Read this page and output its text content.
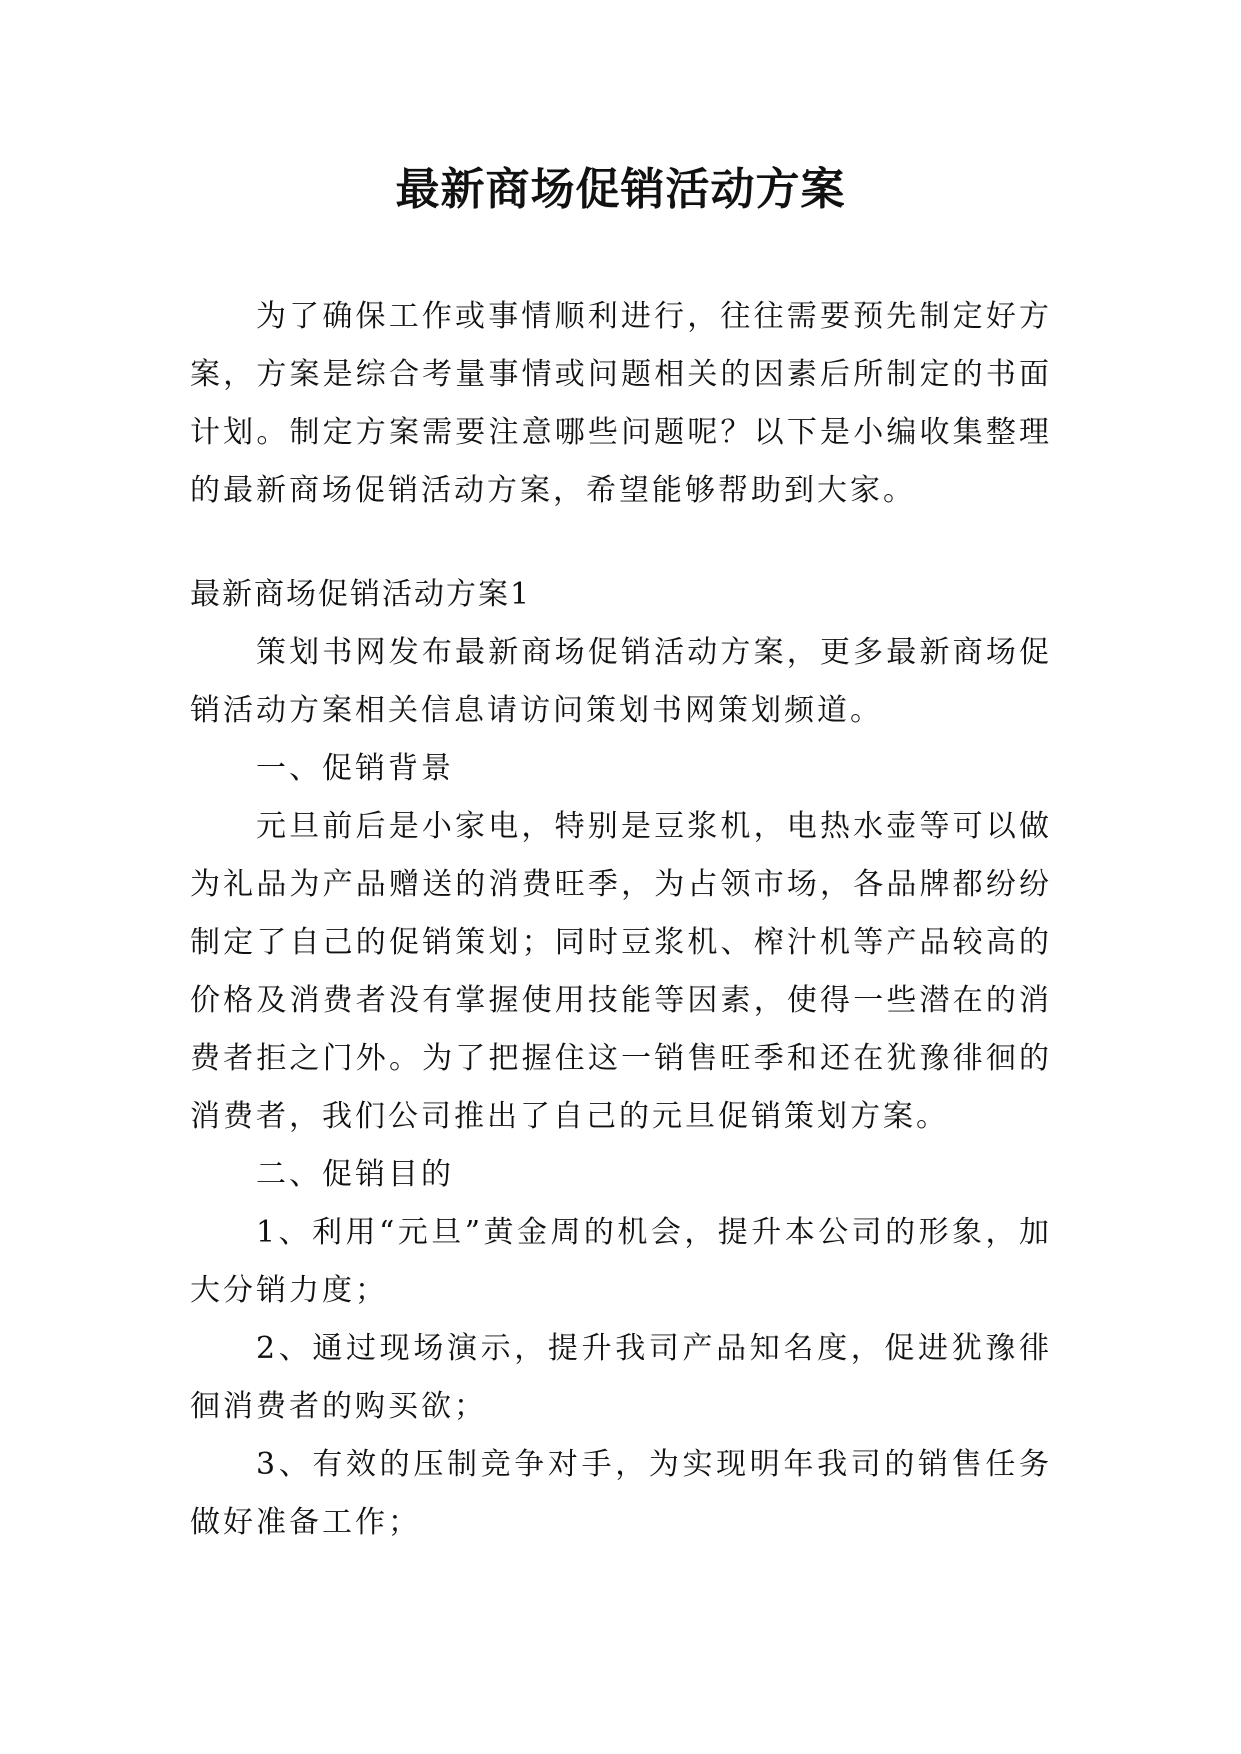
最新商场促销活动方案

为了确保工作或事情顺利进行，往往需要预先制定好方案，方案是综合考量事情或问题相关的因素后所制定的书面计划。制定方案需要注意哪些问题呢？以下是小编收集整理的最新商场促销活动方案，希望能够帮助到大家。

最新商场促销活动方案1

策划书网发布最新商场促销活动方案，更多最新商场促销活动方案相关信息请访问策划书网策划频道。

一、促销背景

元旦前后是小家电，特别是豆浆机，电热水壶等可以做为礼品为产品赠送的消费旺季，为占领市场，各品牌都纷纷制定了自己的促销策划；同时豆浆机、榨汁机等产品较高的价格及消费者没有掌握使用技能等因素，使得一些潜在的消费者拒之门外。为了把握住这一销售旺季和还在犹豫徘徊的消费者，我们公司推出了自己的元旦促销策划方案。

二、促销目的

1、利用“元旦”黄金周的机会，提升本公司的形象，加大分销力度；

2、通过现场演示，提升我司产品知名度，促进犹豫徘徊消费者的购买欲；

3、有效的压制竞争对手，为实现明年我司的销售任务做好准备工作；
